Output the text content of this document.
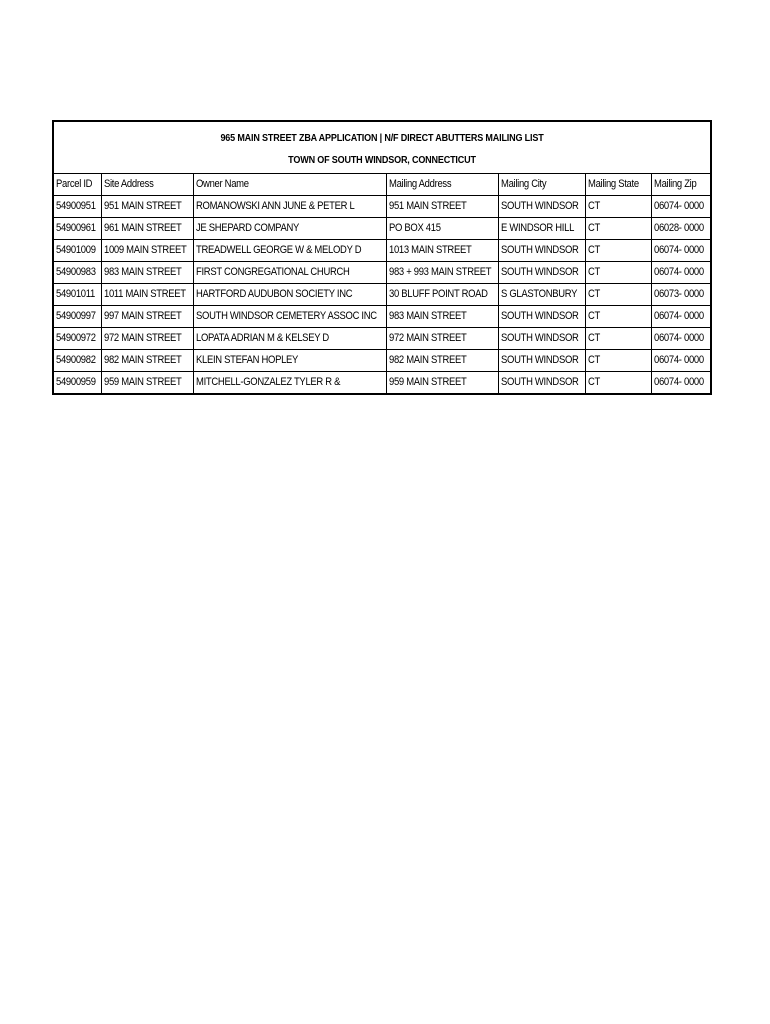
965 MAIN STREET ZBA APPLICATION | N/F DIRECT ABUTTERS MAILING LIST
TOWN OF SOUTH WINDSOR, CONNECTICUT
Parcel ID	Site Address	Owner Name	Mailing Address	Mailing City	Mailing State	Mailing Zip
54900951	951 MAIN STREET	ROMANOWSKI ANN JUNE & PETER L	951 MAIN STREET	SOUTH WINDSOR	CT	06074- 0000
54900961	961 MAIN STREET	JE SHEPARD COMPANY	PO BOX 415	E WINDSOR HILL	CT	06028- 0000
54901009	1009 MAIN STREET	TREADWELL GEORGE W & MELODY D	1013 MAIN STREET	SOUTH WINDSOR	CT	06074- 0000
54900983	983 MAIN STREET	FIRST CONGREGATIONAL CHURCH	983 + 993 MAIN STREET	SOUTH WINDSOR	CT	06074- 0000
54901011	1011 MAIN STREET	HARTFORD AUDUBON SOCIETY INC	30 BLUFF POINT ROAD	S GLASTONBURY	CT	06073- 0000
54900997	997 MAIN STREET	SOUTH WINDSOR CEMETERY ASSOC INC	983 MAIN STREET	SOUTH WINDSOR	CT	06074- 0000
54900972	972 MAIN STREET	LOPATA ADRIAN M & KELSEY D	972 MAIN STREET	SOUTH WINDSOR	CT	06074- 0000
54900982	982 MAIN STREET	KLEIN STEFAN HOPLEY	982 MAIN STREET	SOUTH WINDSOR	CT	06074- 0000
54900959	959 MAIN STREET	MITCHELL-GONZALEZ TYLER R &	959 MAIN STREET	SOUTH WINDSOR	CT	06074- 0000
